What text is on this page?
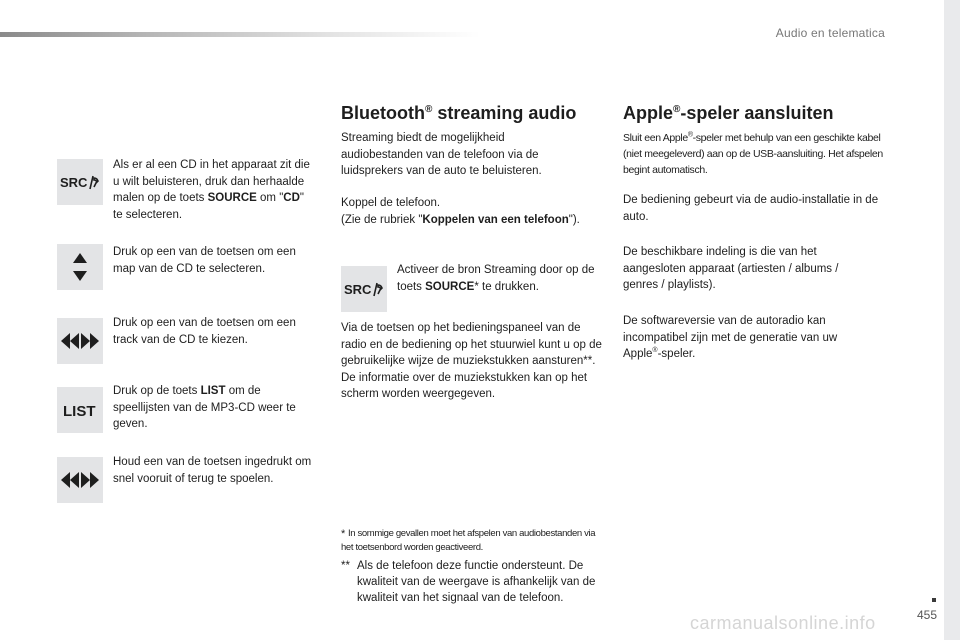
Audio en telematica
SRC
Als er al een CD in het apparaat zit die u wilt beluisteren, druk dan herhaalde malen op de toets SOURCE om "CD" te selecteren.
Druk op een van de toetsen om een map van de CD te selecteren.
Druk op een van de toetsen om een track van de CD te kiezen.
LIST
Druk op de toets LIST om de speellijsten van de MP3-CD weer te geven.
Houd een van de toetsen ingedrukt om snel vooruit of terug te spoelen.
Bluetooth® streaming audio
Streaming biedt de mogelijkheid audiobestanden van de telefoon via de luidsprekers van de auto te beluisteren.
Koppel de telefoon.
(Zie de rubriek "Koppelen van een telefoon").
SRC
Activeer de bron Streaming door op de toets SOURCE* te drukken.
Via de toetsen op het bedieningspaneel van de radio en de bediening op het stuurwiel kunt u op de gebruikelijke wijze de muziekstukken aansturen**. De informatie over de muziekstukken kan op het scherm worden weergegeven.
* In sommige gevallen moet het afspelen van audiobestanden via het toetsenbord worden geactiveerd.
** Als de telefoon deze functie ondersteunt. De kwaliteit van de weergave is afhankelijk van de kwaliteit van het signaal van de telefoon.
Apple®-speler aansluiten
Sluit een Apple®-speler met behulp van een geschikte kabel (niet meegeleverd) aan op de USB-aansluiting. Het afspelen begint automatisch.
De bediening gebeurt via de audio-installatie in de auto.
De beschikbare indeling is die van het aangesloten apparaat (artiesten / albums / genres / playlists).
De softwareversie van de autoradio kan incompatibel zijn met de generatie van uw Apple®-speler.
455
carmanualsonline.info
